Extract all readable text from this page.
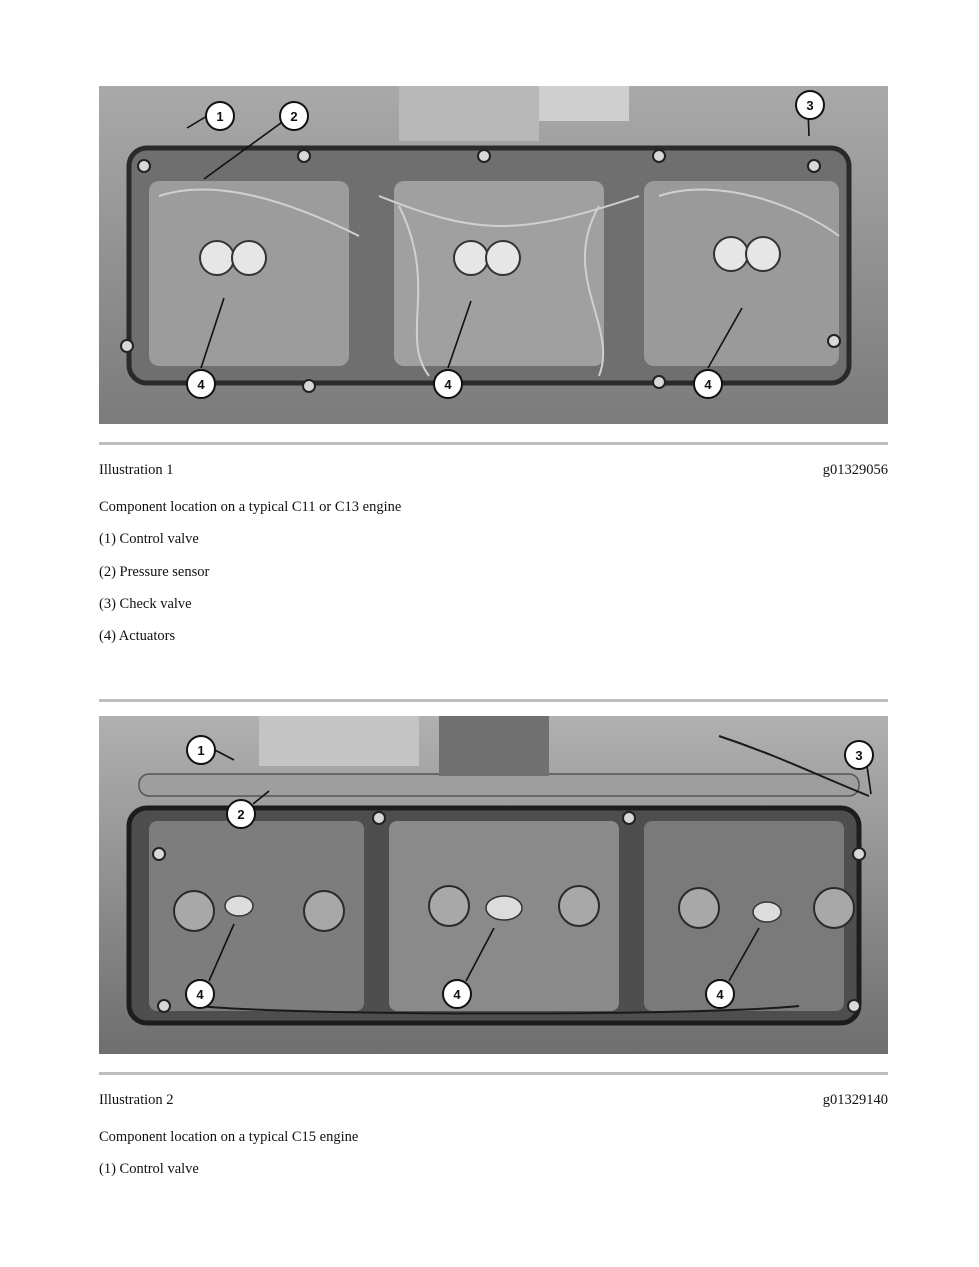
1	2
3
4	4	4
Illustration 1	g01329056
Component location on a typical C11 or C13 engine
(1) Control valve
(2) Pressure sensor
(3) Check valve
(4) Actuators
1
2
3
4	4	4
Illustration 2	g01329140
Component location on a typical C15 engine
(1) Control valve
